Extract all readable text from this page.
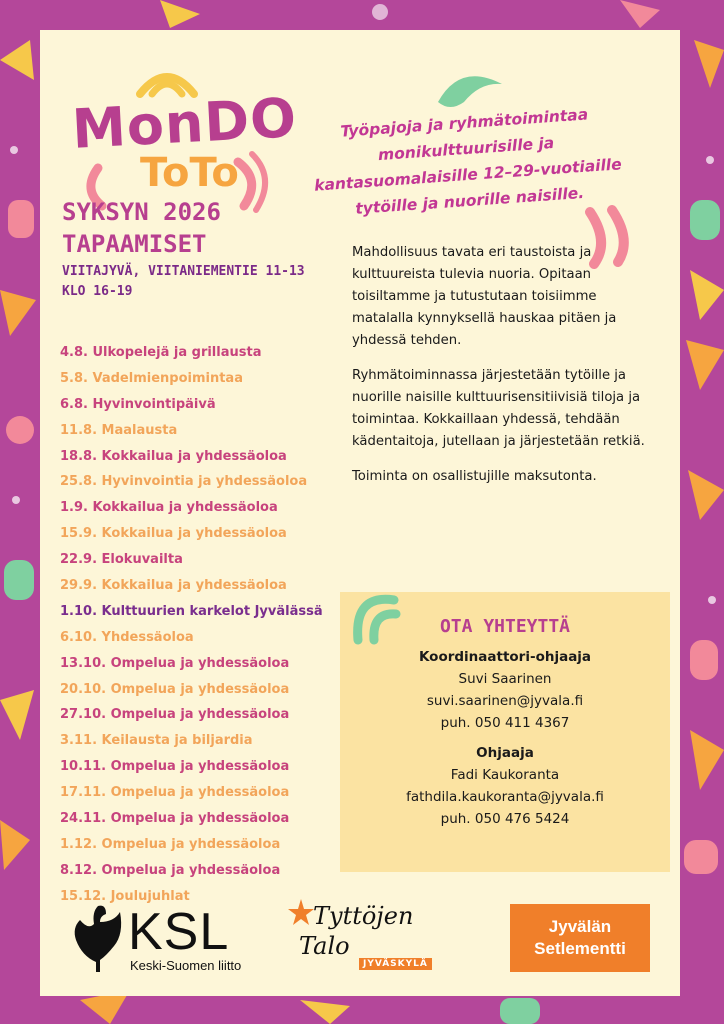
MonDO
ToTo
Työpajoja ja ryhmätoimintaa monikulttuurisille ja kantasuomalaisille 12–29-vuotiaille tytöille ja nuorille naisille.
SYKSYN 2026
TAPAAMISET
VIITAJYVÄ, VIITANIEMENTIE 11-13
KLO 16-19
4.8. Ulkopelejä ja grillausta
5.8. Vadelmienpoimintaa
6.8. Hyvinvointipäivä
11.8. Maalausta
18.8. Kokkailua ja yhdessäoloa
25.8. Hyvinvointia ja yhdessäoloa
1.9. Kokkailua ja yhdessäoloa
15.9. Kokkailua ja yhdessäoloa
22.9. Elokuvailta
29.9. Kokkailua ja yhdessäoloa
1.10. Kulttuurien karkelot Jyvälässä
6.10. Yhdessäoloa
13.10. Ompelua ja yhdessäoloa
20.10. Ompelua ja yhdessäoloa
27.10. Ompelua ja yhdessäoloa
3.11. Keilausta ja biljardia
10.11. Ompelua ja yhdessäoloa
17.11. Ompelua ja yhdessäoloa
24.11. Ompelua ja yhdessäoloa
1.12. Ompelua ja yhdessäoloa
8.12. Ompelua ja yhdessäoloa
15.12. Joulujuhlat

Mahdollisuus tavata eri taustoista ja kulttuureista tulevia nuoria. Opitaan toisiltamme ja tutustutaan toisiimme matalalla kynnyksellä hauskaa pitäen ja yhdessä tehden.

Ryhmätoiminnassa järjestetään tytöille ja nuorille naisille kulttuurisensitiivisiä tiloja ja toimintaa. Kokkaillaan yhdessä, tehdään kädentaitoja, jutellaan ja järjestetään retkiä.

Toiminta on osallistujille maksutonta.

OTA YHTEYTTÄ
Koordinaattori-ohjaaja
Suvi Saarinen
suvi.saarinen@jyvala.fi
puh. 050 411 4367
Ohjaaja
Fadi Kaukoranta
fathdila.kaukoranta@jyvala.fi
puh. 050 476 5424
KSL
Keski-Suomen liitto
Tyttöjen
Talo
JYVÄSKYLÄ
Jyvälän
Setlementti
